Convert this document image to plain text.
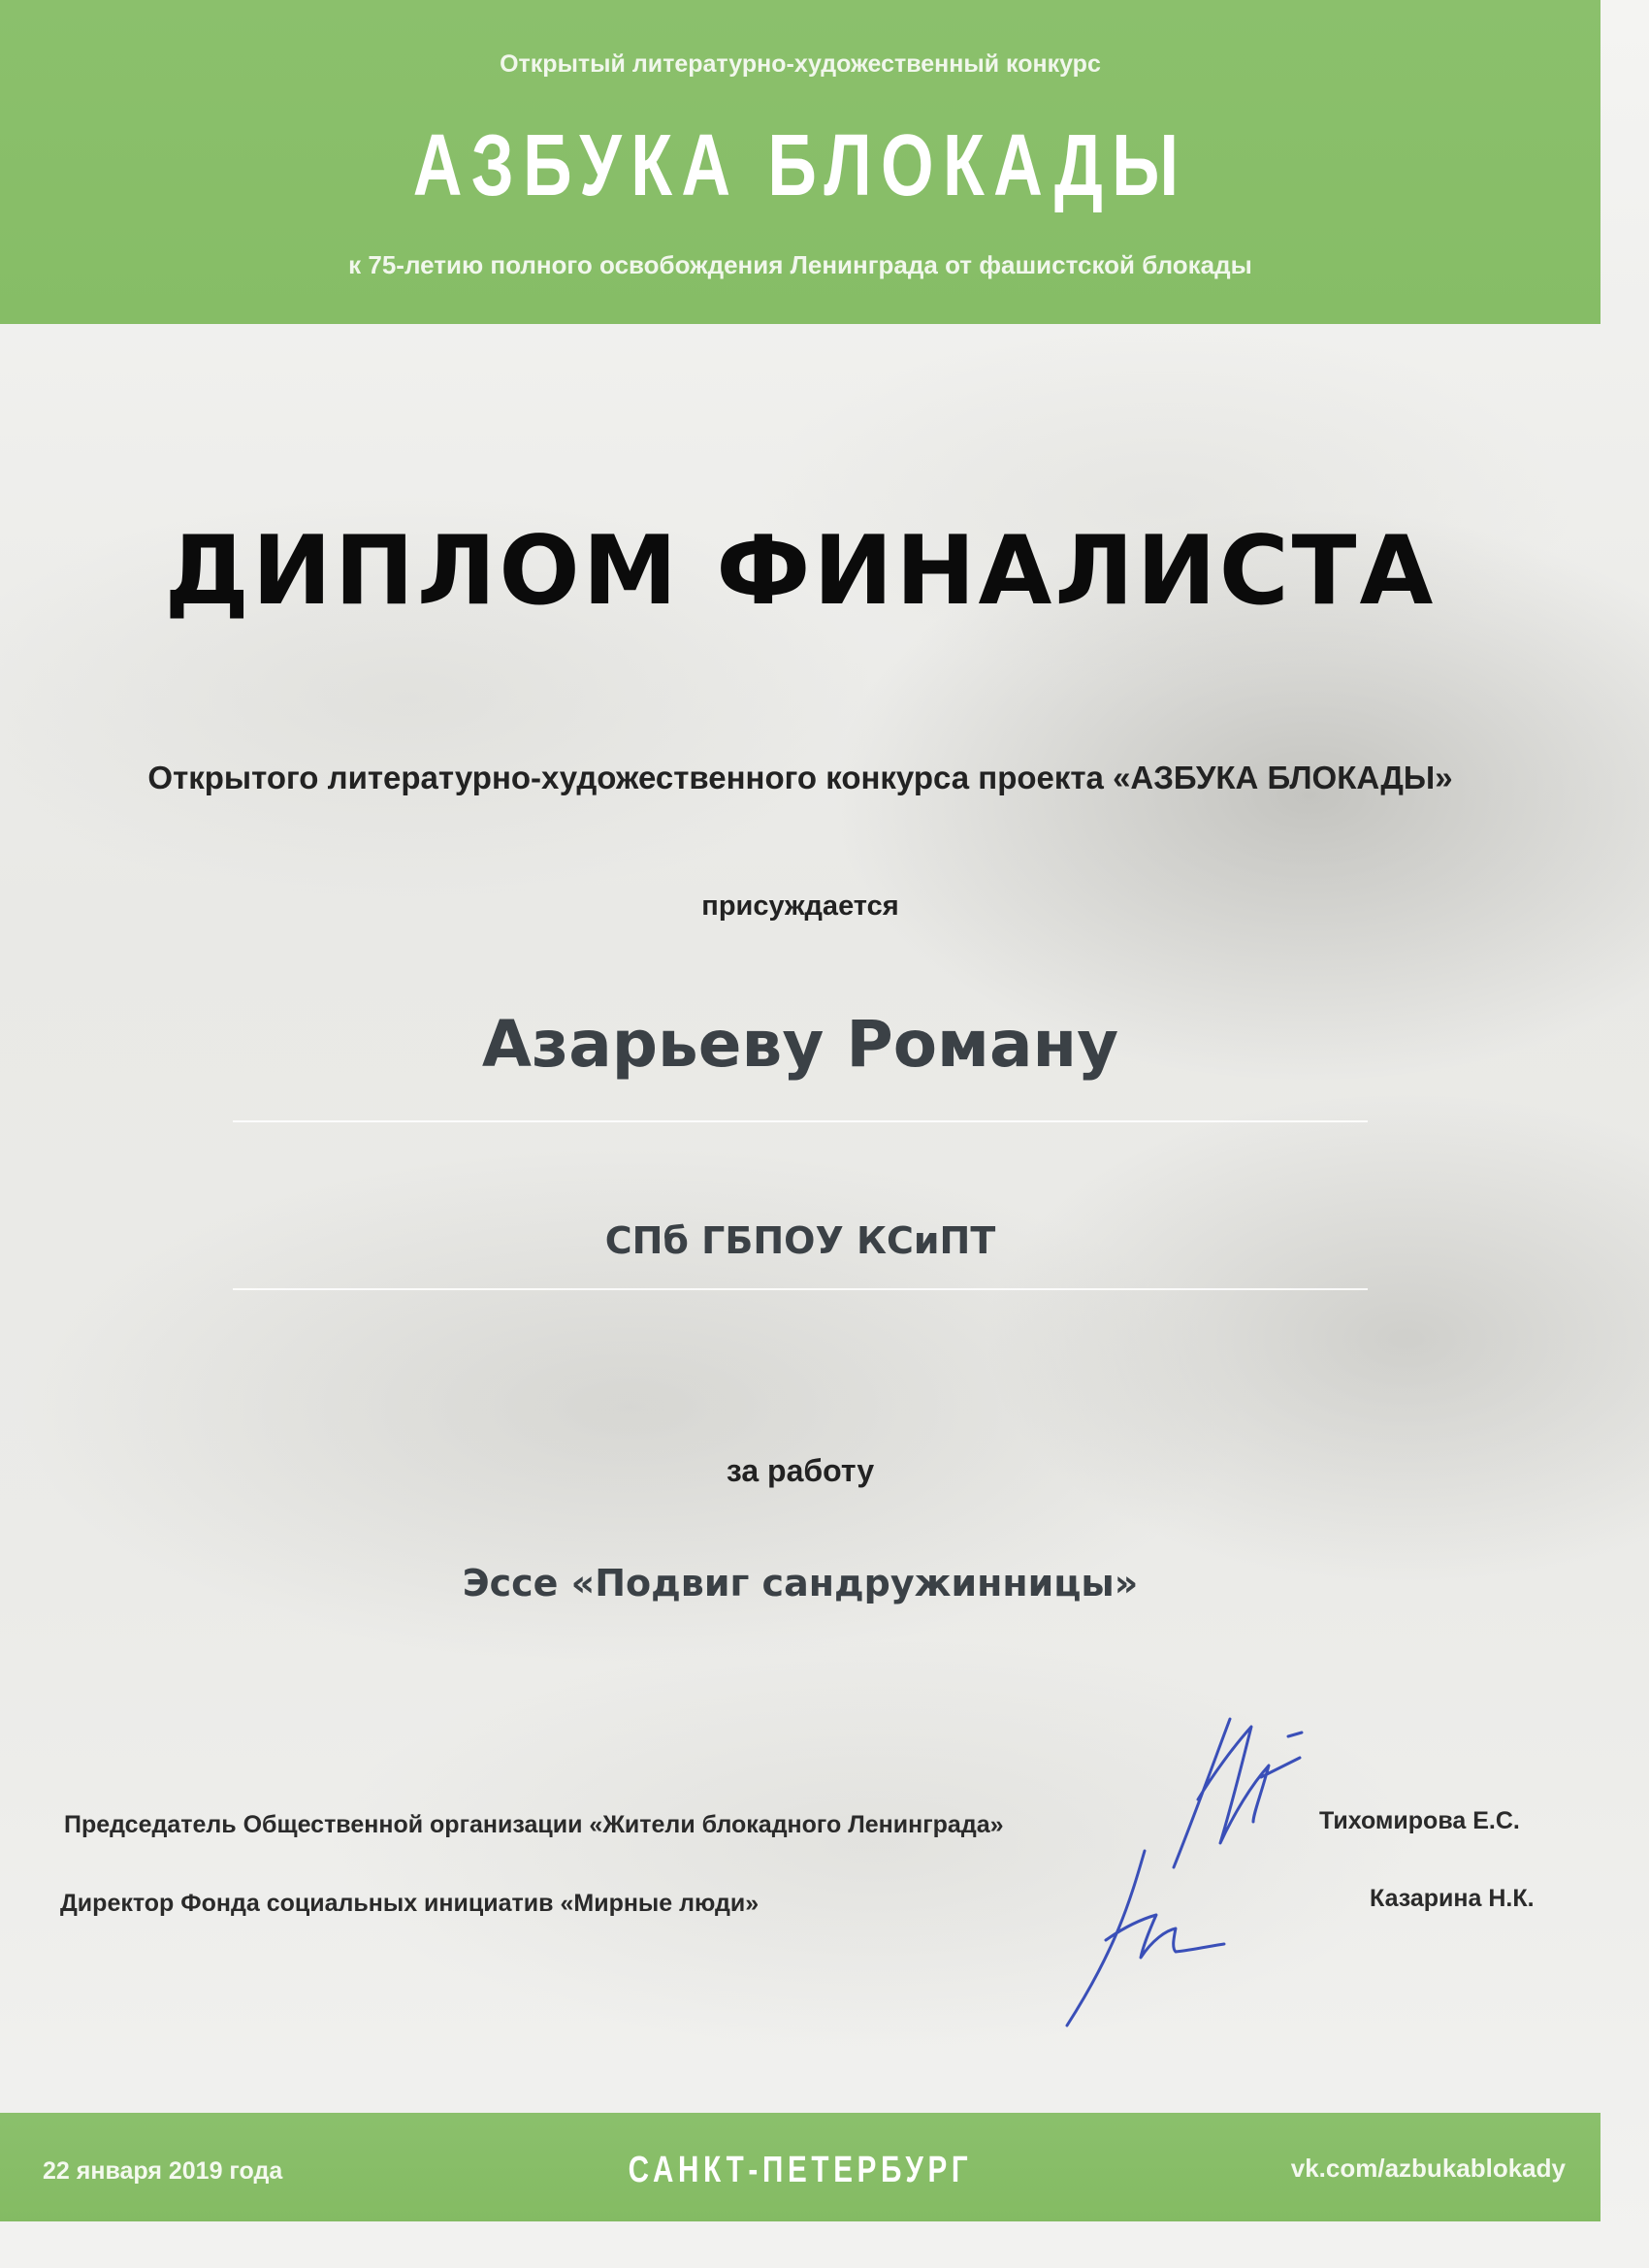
Открытый литературно-художественный конкурс
АЗБУКА БЛОКАДЫ
к 75-летию полного освобождения Ленинграда от фашистской блокады
ДИПЛОМ ФИНАЛИСТА
Открытого литературно-художественного конкурса проекта «АЗБУКА БЛОКАДЫ»
присуждается
Азарьеву Роману
СПб ГБПОУ КСиПТ
за работу
Эссе «Подвиг сандружинницы»
Председатель Общественной организации «Жители блокадного Ленинграда»	Тихомирова Е.С.
Директор Фонда социальных инициатив «Мирные люди»	Казарина Н.К.
22 января 2019 года	САНКТ-ПЕТЕРБУРГ	vk.com/azbukablokady
